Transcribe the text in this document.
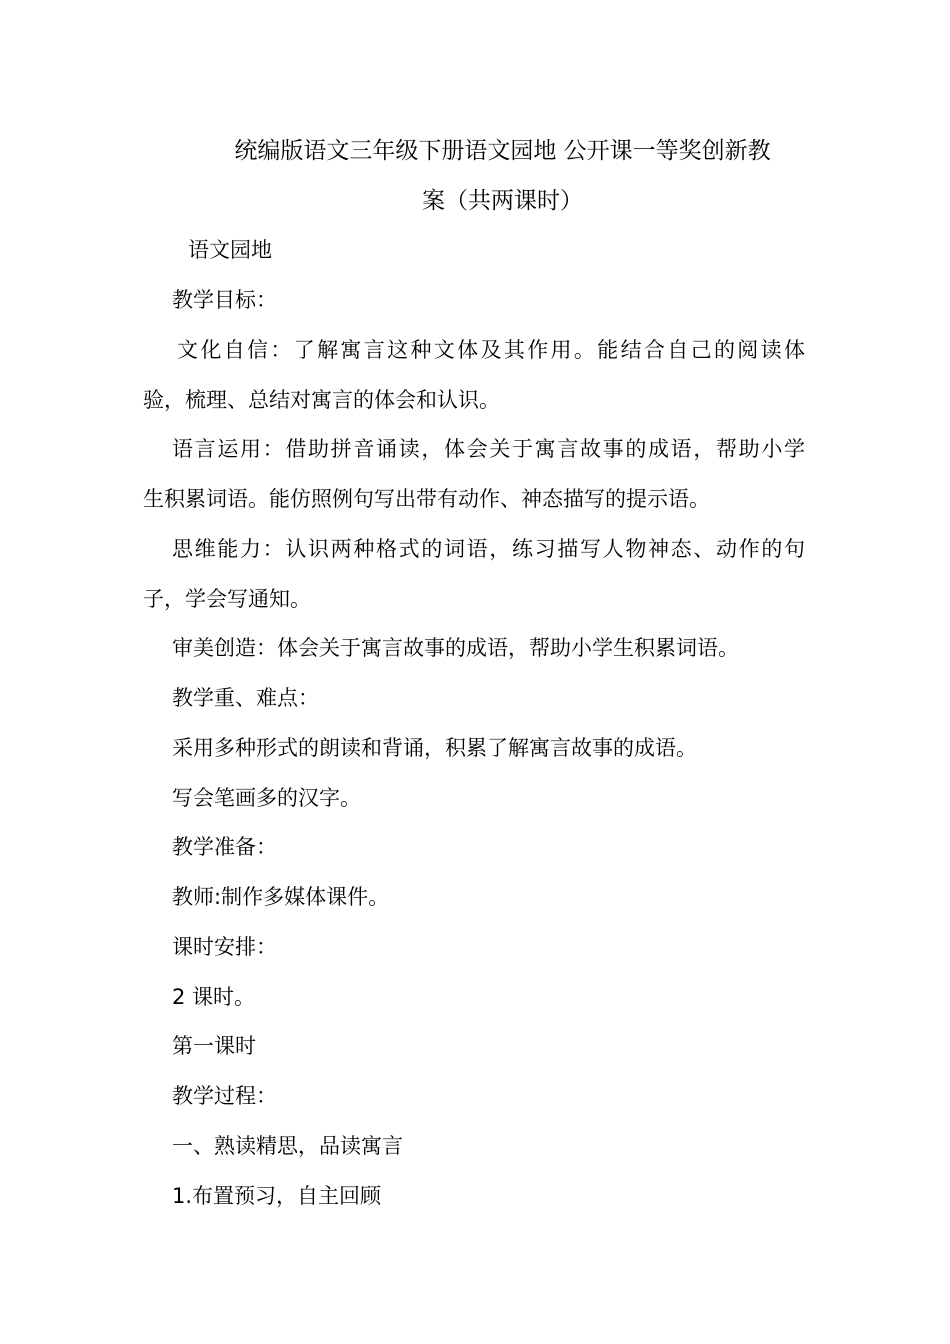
统编版语文三年级下册语文园地 公开课一等奖创新教
案（共两课时）
语文园地
教学目标：
文化自信：了解寓言这种文体及其作用。能结合自己的阅读体
验，梳理、总结对寓言的体会和认识。
语言运用：借助拼音诵读，体会关于寓言故事的成语，帮助小学
生积累词语。能仿照例句写出带有动作、神态描写的提示语。
思维能力：认识两种格式的词语，练习描写人物神态、动作的句
子，学会写通知。
审美创造：体会关于寓言故事的成语，帮助小学生积累词语。
教学重、难点：
采用多种形式的朗读和背诵，积累了解寓言故事的成语。
写会笔画多的汉字。
教学准备：
教师:制作多媒体课件。
课时安排：
2 课时。
第一课时
教学过程：
一、熟读精思，品读寓言
1.布置预习，自主回顾
